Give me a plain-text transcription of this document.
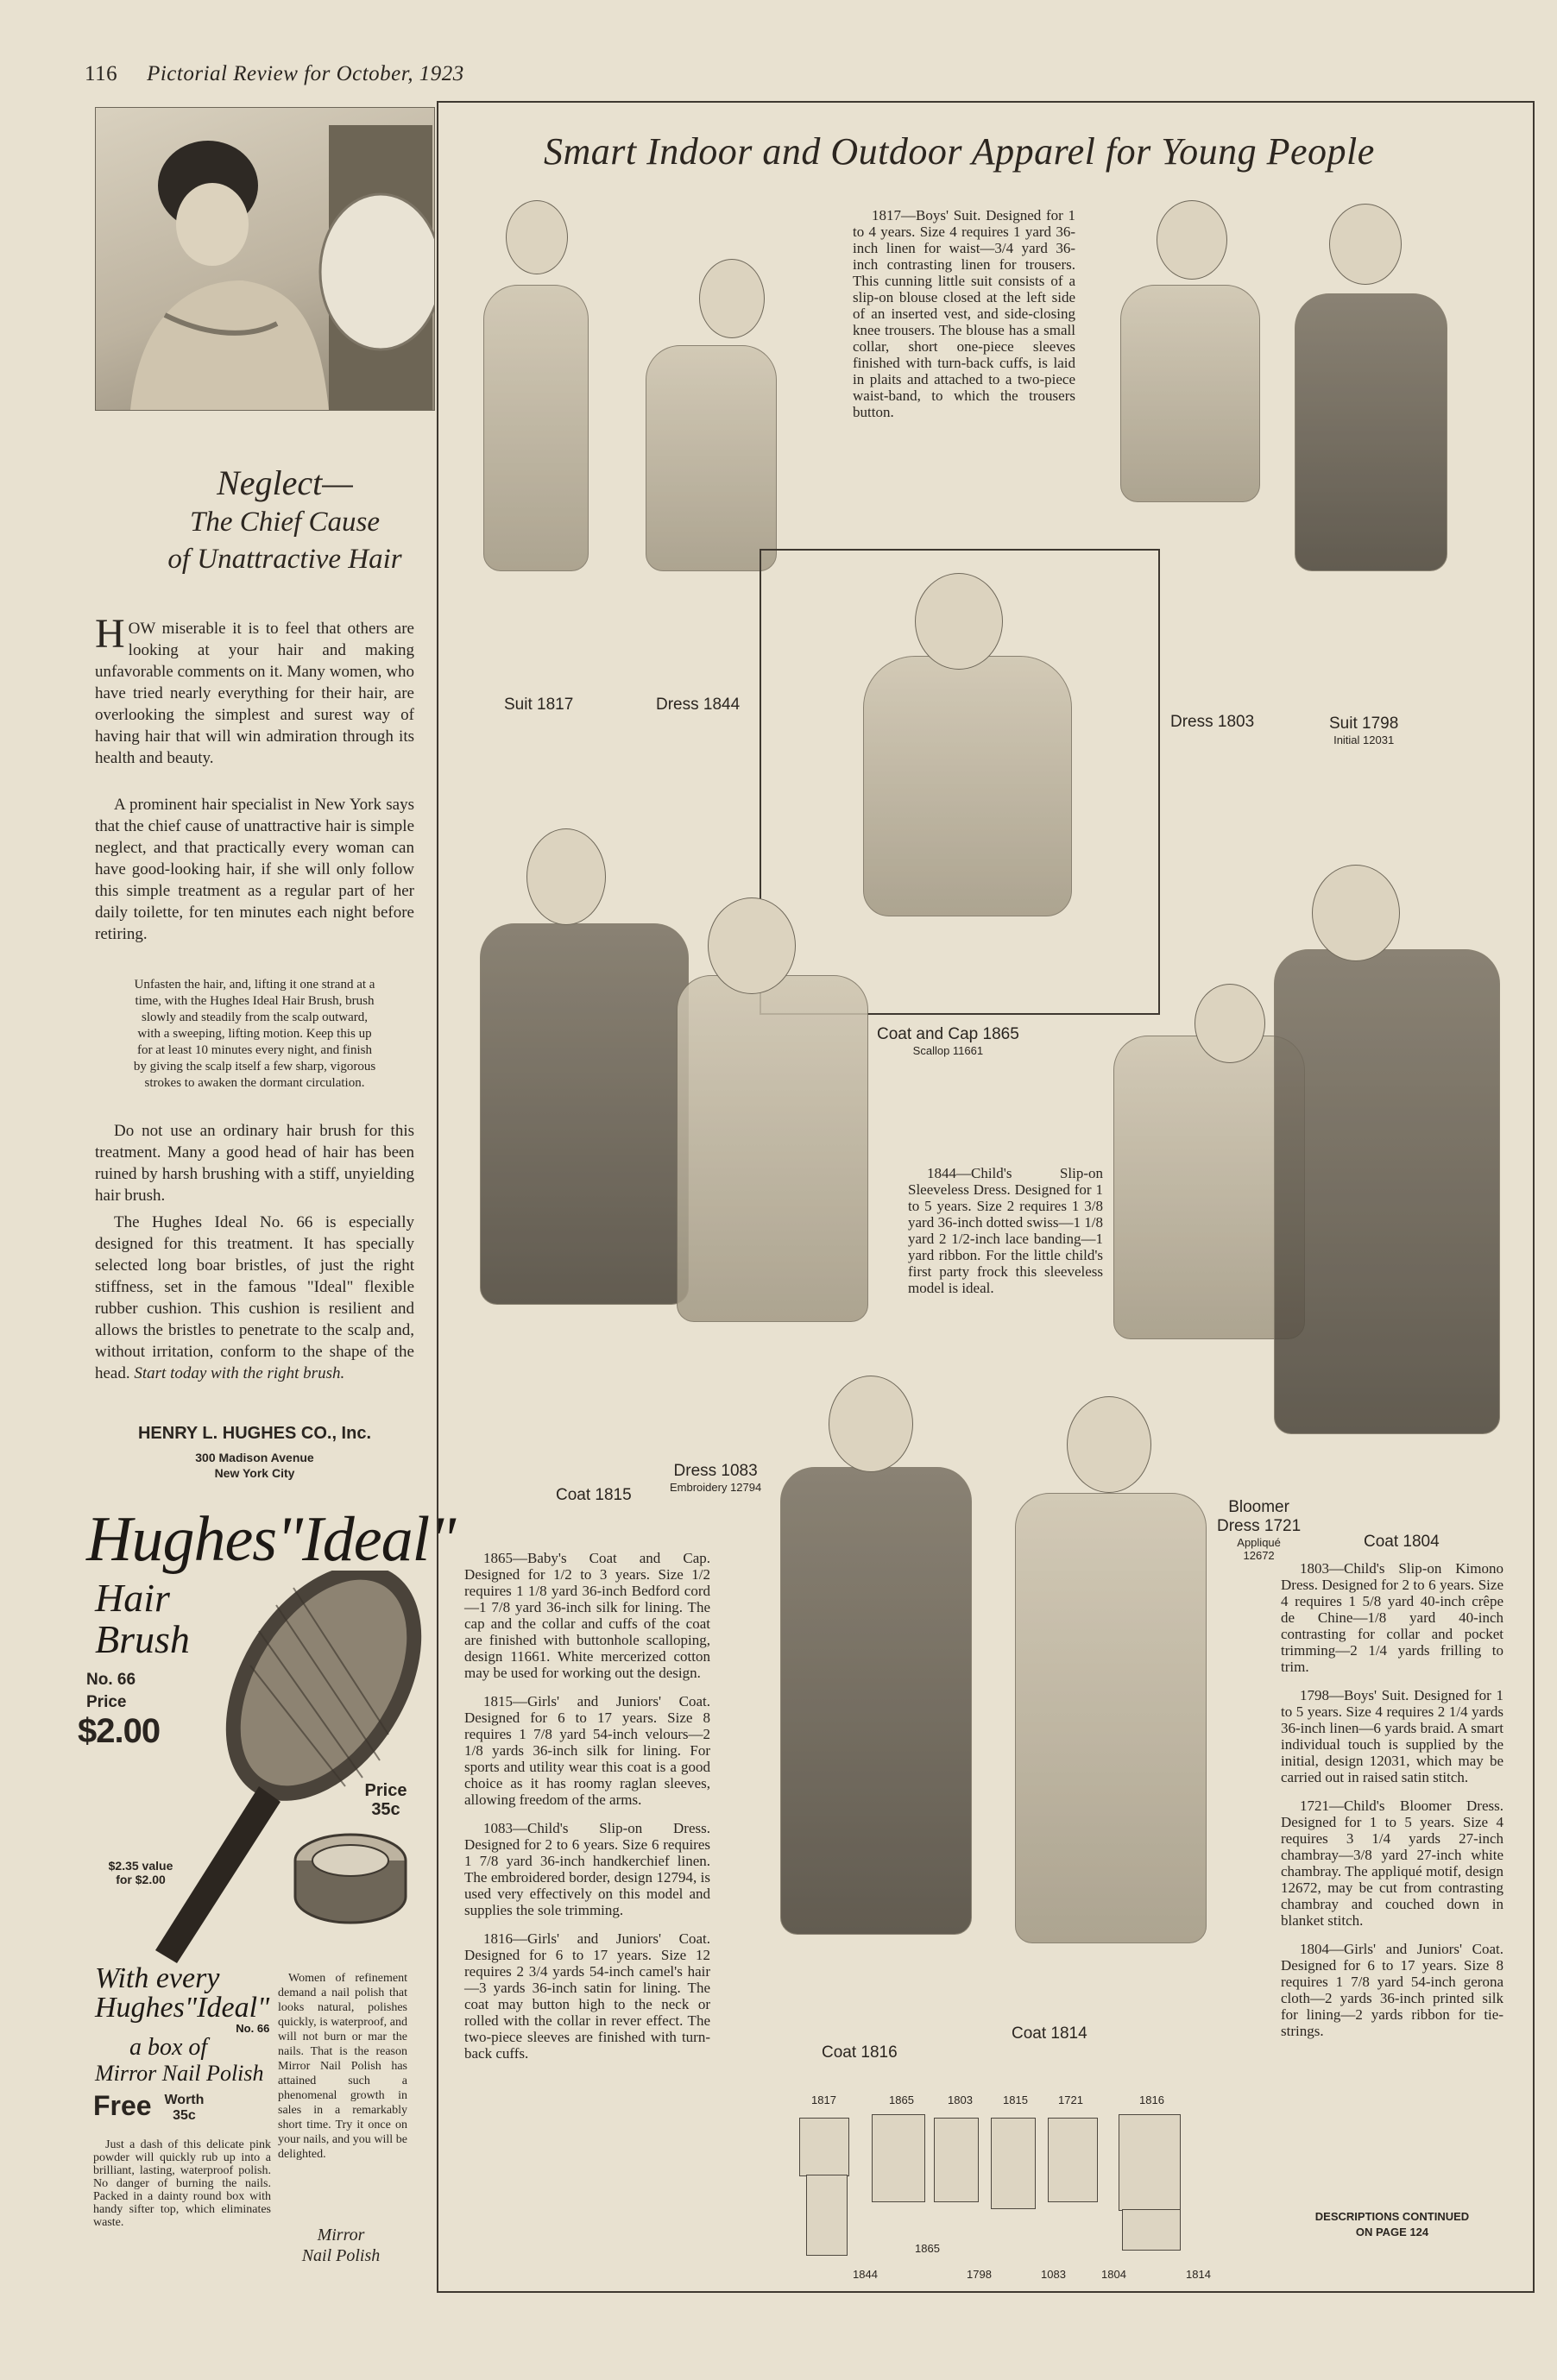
116 Pictorial Review for October, 1923
Neglect—
The Chief Cause
of Unattractive Hair
HOW miserable it is to feel that others are looking at your hair and making unfavorable comments on it. Many women, who have tried nearly everything for their hair, are overlooking the simplest and surest way of having hair that will win admiration through its health and beauty.
A prominent hair specialist in New York says that the chief cause of unattractive hair is simple neglect, and that practically every woman can have good-looking hair, if she will only follow this simple treatment as a regular part of her daily toilette, for ten minutes each night before retiring.
Unfasten the hair, and, lifting it one strand at a time, with the Hughes Ideal Hair Brush, brush slowly and steadily from the scalp outward, with a sweeping, lifting motion. Keep this up for at least 10 minutes every night, and finish by giving the scalp itself a few sharp, vigorous strokes to awaken the dormant circulation.
Do not use an ordinary hair brush for this treatment. Many a good head of hair has been ruined by harsh brushing with a stiff, unyielding hair brush.
The Hughes Ideal No. 66 is especially designed for this treatment. It has specially selected long boar bristles, of just the right stiffness, set in the famous "Ideal" flexible rubber cushion. This cushion is resilient and allows the bristles to penetrate to the scalp and, without irritation, conform to the shape of the head. Start today with the right brush.
HENRY L. HUGHES CO., Inc.
300 Madison Avenue
New York City
Hughes"Ideal"
Hair
Brush
No. 66
Price
$2.00
$2.35 value
for $2.00
Price
35c
With every
Hughes"Ideal"
No. 66
a box of
Mirror Nail Polish
Free Worth
35c
Just a dash of this delicate pink powder will quickly rub up into a brilliant, lasting, waterproof polish. No danger of burning the nails. Packed in a dainty round box with handy sifter top, which eliminates waste.
Women of refinement demand a nail polish that looks natural, polishes quickly, is waterproof, and will not burn or mar the nails. That is the reason Mirror Nail Polish has attained such a phenomenal growth in sales in a remarkably short time. Try it once on your nails, and you will be delighted.
Mirror
Nail Polish
Smart Indoor and Outdoor Apparel for Young People
Suit 1817	Dress 1844

1817—Boys' Suit. Designed for 1 to 4 years. Size 4 requires 1 yard 36-inch linen for waist—3/4 yard 36-inch contrasting linen for trousers. This cunning little suit consists of a slip-on blouse closed at the left side of an inserted vest, and side-closing knee trousers. The blouse has a small collar, short one-piece sleeves finished with turn-back cuffs, is laid in plaits and attached to a two-piece waist-band, to which the trousers button.

Dress 1803	Suit 1798
Initial 12031
Coat and Cap 1865
Scallop 11661
Coat 1815
Dress 1083
Embroidery 12794

1844—Child's Slip-on Sleeveless Dress. Designed for 1 to 5 years. Size 2 requires 1 3/8 yard 36-inch dotted swiss—1 1/8 yard 2 1/2-inch lace banding—1 yard ribbon. For the little child's first party frock this sleeveless model is ideal.

Bloomer
Dress 1721
Appliqué
12672
Coat 1804

1865—Baby's Coat and Cap. Designed for 1/2 to 3 years. Size 1/2 requires 1 1/8 yard 36-inch Bedford cord—1 7/8 yard 36-inch silk for lining. The cap and the collar and cuffs of the coat are finished with buttonhole scalloping, design 11661. White mercerized cotton may be used for working out the design.

1815—Girls' and Juniors' Coat. Designed for 6 to 17 years. Size 8 requires 1 7/8 yard 54-inch velours—2 1/8 yards 36-inch silk for lining. For sports and utility wear this coat is a good choice as it has roomy raglan sleeves, allowing freedom of the arms.

1083—Child's Slip-on Dress. Designed for 2 to 6 years. Size 6 requires 1 7/8 yard 36-inch handkerchief linen. The embroidered border, design 12794, is used very effectively on this model and supplies the sole trimming.

1816—Girls' and Juniors' Coat. Designed for 6 to 17 years. Size 12 requires 2 3/4 yards 54-inch camel's hair—3 yards 36-inch satin for lining. The coat may button high to the neck or rolled with the collar in rever effect. The two-piece sleeves are finished with turn-back cuffs.	Coat 1816
Coat 1814

1803—Child's Slip-on Kimono Dress. Designed for 2 to 6 years. Size 4 requires 1 5/8 yard 40-inch crêpe de Chine—1/8 yard 40-inch contrasting for collar and pocket trimming—2 1/4 yards frilling to trim.

1798—Boys' Suit. Designed for 1 to 5 years. Size 4 requires 2 1/4 yards 36-inch linen—6 yards braid. A smart individual touch is supplied by the initial, design 12031, which may be carried out in raised satin stitch.

1721—Child's Bloomer Dress. Designed for 1 to 5 years. Size 4 requires 3 1/4 yards 27-inch chambray—3/8 yard 27-inch white chambray. The appliqué motif, design 12672, may be cut from contrasting chambray and couched down in blanket stitch.

1804—Girls' and Juniors' Coat. Designed for 6 to 17 years. Size 8 requires 1 7/8 yard 54-inch gerona cloth—2 yards 36-inch printed silk for lining—2 yards ribbon for tie-strings.

DESCRIPTIONS CONTINUED
ON PAGE 124
1817	1865	1803	1815	1721	1816
1844
1865
1798	1083	1804	1814
